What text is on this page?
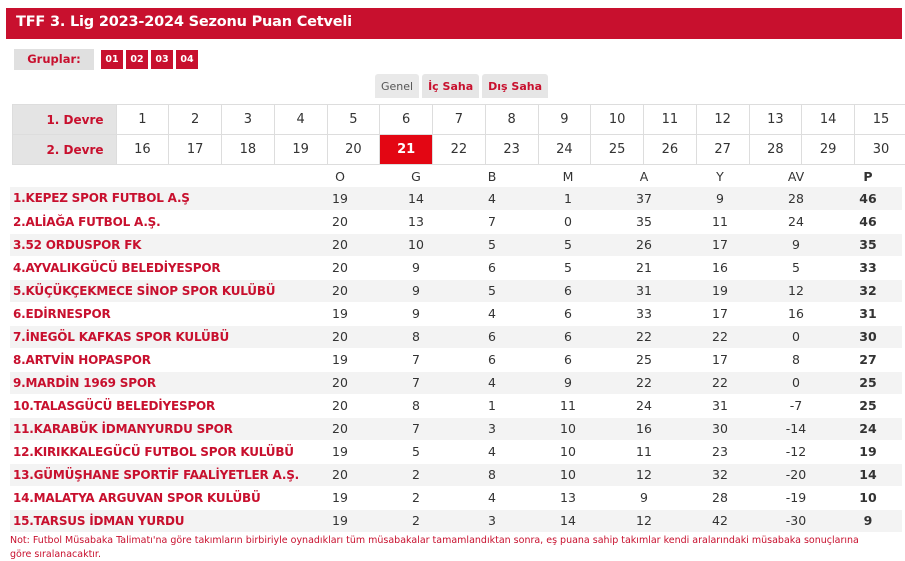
TFF 3. Lig 2023-2024 Sezonu Puan Cetveli
Gruplar:	01	02	03	04
Genel	İç Saha	Dış Saha
1. Devre	1	2	3	4	5	6	7	8	9	10	11	12	13	14	15
2. Devre	16	17	18	19	20	21	22	23	24	25	26	27	28	29	30
	O	G	B	M	A	Y	AV	P
1.KEPEZ SPOR FUTBOL A.Ş	19	14	4	1	37	9	28	46
2.ALİAĞA FUTBOL A.Ş.	20	13	7	0	35	11	24	46
3.52 ORDUSPOR FK	20	10	5	5	26	17	9	35
4.AYVALIKGÜCÜ BELEDİYESPOR	20	9	6	5	21	16	5	33
5.KÜÇÜKÇEKMECE SİNOP SPOR KULÜBÜ	20	9	5	6	31	19	12	32
6.EDİRNESPOR	19	9	4	6	33	17	16	31
7.İNEGÖL KAFKAS SPOR KULÜBÜ	20	8	6	6	22	22	0	30
8.ARTVİN HOPASPOR	19	7	6	6	25	17	8	27
9.MARDİN 1969 SPOR	20	7	4	9	22	22	0	25
10.TALASGÜCÜ BELEDİYESPOR	20	8	1	11	24	31	-7	25
11.KARABÜK İDMANYURDU SPOR	20	7	3	10	16	30	-14	24
12.KIRIKKALEGÜCÜ FUTBOL SPOR KULÜBÜ	19	5	4	10	11	23	-12	19
13.GÜMÜŞHANE SPORTİF FAALİYETLER A.Ş.	20	2	8	10	12	32	-20	14
14.MALATYA ARGUVAN SPOR KULÜBÜ	19	2	4	13	9	28	-19	10
15.TARSUS İDMAN YURDU	19	2	3	14	12	42	-30	9
Not: Futbol Müsabaka Talimatı'na göre takımların birbiriyle oynadıkları tüm müsabakalar tamamlandıktan sonra, eş puana sahip takımlar kendi aralarındaki müsabaka sonuçlarına göre sıralanacaktır.
